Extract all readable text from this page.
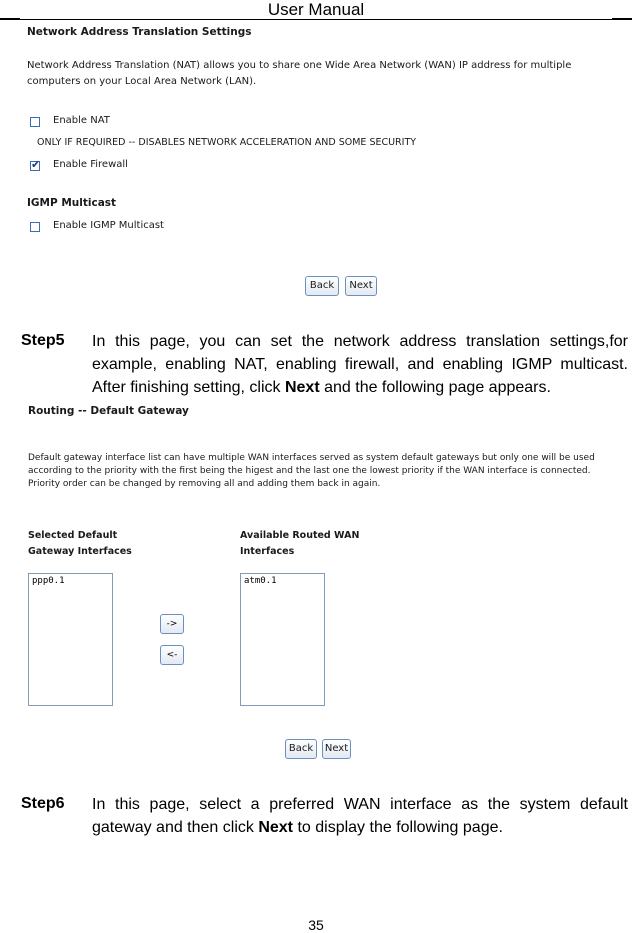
User Manual
Network Address Translation Settings
Network Address Translation (NAT) allows you to share one Wide Area Network (WAN) IP address for multiple computers on your Local Area Network (LAN).
Enable NAT
ONLY IF REQUIRED -- DISABLES NETWORK ACCELERATION AND SOME SECURITY
✔ Enable Firewall
IGMP Multicast
Enable IGMP Multicast
Back	Next
Step5 In this page, you can set the network address translation settings,for example, enabling NAT, enabling firewall, and enabling IGMP multicast. After finishing setting, click Next and the following page appears.
Routing -- Default Gateway
Default gateway interface list can have multiple WAN interfaces served as system default gateways but only one will be used according to the priority with the first being the higest and the last one the lowest priority if the WAN interface is connected. Priority order can be changed by removing all and adding them back in again.
Selected Default
Gateway Interfaces
Available Routed WAN
Interfaces
ppp0.1
->
<-
atm0.1
Back	Next
Step6 In this page, select a preferred WAN interface as the system default gateway and then click Next to display the following page.
35
